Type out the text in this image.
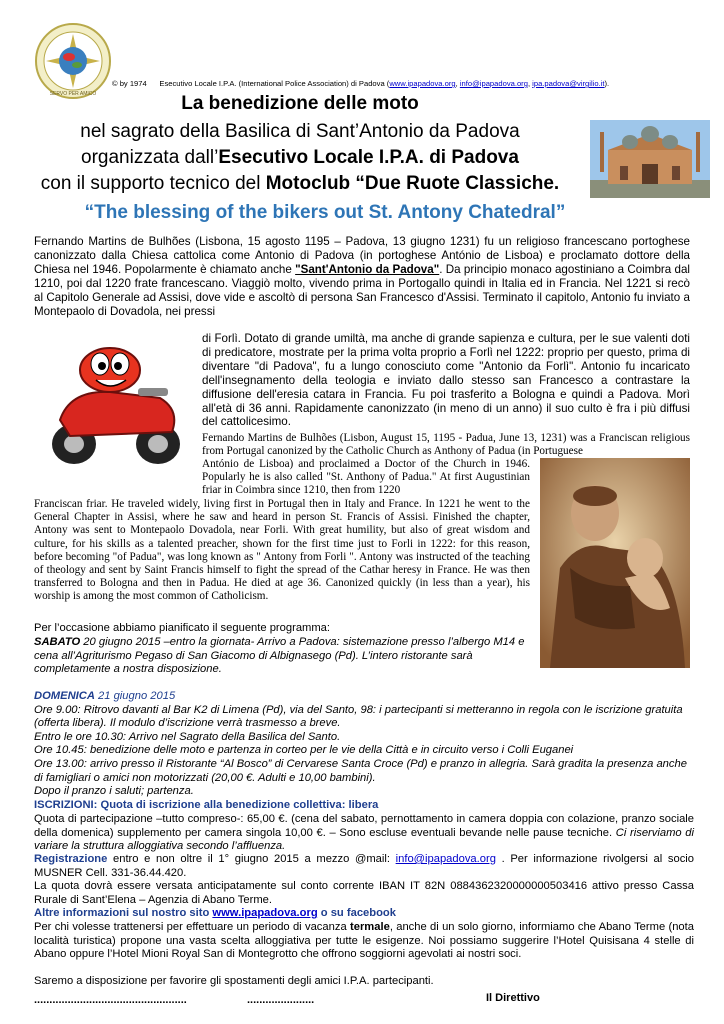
SERVO PER AMICO
© by 1974 Esecutivo Locale I.P.A. (International Police Association) di Padova (www.ipapadova.org, info@ipapadova.org, ipa.padova@virgilio.it).
La benedizione delle moto
nel sagrato della Basilica di Sant’Antonio da Padova
organizzata dall’Esecutivo Locale I.P.A. di Padova
con il supporto tecnico del Motoclub “Due Ruote Classiche.
“The blessing of the bikers out St. Antony Chatedral”
Fernando Martins de Bulhões (Lisbona, 15 agosto 1195 – Padova, 13 giugno 1231) fu un religioso francescano portoghese canonizzato dalla Chiesa cattolica come Antonio di Padova (in portoghese António de Lisboa) e proclamato dottore della Chiesa nel 1946. Popolarmente è chiamato anche "Sant'Antonio da Padova". Da principio monaco agostiniano a Coimbra dal 1210, poi dal 1220 frate francescano. Viaggiò molto, vivendo prima in Portogallo quindi in Italia ed in Francia. Nel 1221 si recò al Capitolo Generale ad Assisi, dove vide e ascoltò di persona San Francesco d'Assisi. Terminato il capitolo, Antonio fu inviato a Montepaolo di Dovadola, nei pressi
di Forlì. Dotato di grande umiltà, ma anche di grande sapienza e cultura, per le sue valenti doti di predicatore, mostrate per la prima volta proprio a Forlì nel 1222: proprio per questo, prima di diventare "di Padova", fu a lungo conosciuto come "Antonio da Forlì". Antonio fu incaricato dell'insegnamento della teologia e inviato dallo stesso san Francesco a contrastare la diffusione dell'eresia catara in Francia. Fu poi trasferito a Bologna e quindi a Padova. Morì all'età di 36 anni. Rapidamente canonizzato (in meno di un anno) il suo culto è fra i più diffusi del cattolicesimo.
Fernando Martins de Bulhões (Lisbon, August 15, 1195 - Padua, June 13, 1231) was a Franciscan religious from Portugal canonized by the Catholic Church as Anthony of Padua (in Portuguese
António de Lisboa) and proclaimed a Doctor of the Church in 1946. Popularly he is also called "St. Anthony of Padua." At first Augustinian friar in Coimbra since 1210, then from 1220
Franciscan friar. He traveled widely, living first in Portugal then in Italy and France. In 1221 he went to the General Chapter in Assisi, where he saw and heard in person St. Francis of Assisi. Finished the chapter, Antony was sent to Montepaolo Dovadola, near Forli. With great humility, but also of great wisdom and culture, for his skills as a talented preacher, shown for the first time just to Forli in 1222: for this reason, before becoming "of Padua", was long known as " Antony from Forli ". Antony was instructed of the teaching of theology and sent by Saint Francis himself to fight the spread of the Cathar heresy in France. He was then transferred to Bologna and then in Padua. He died at age 36. Canonized quickly (in less than a year), his worship is among the most common of Catholicism.
Per l’occasione abbiamo pianificato il seguente programma:
SABATO 20 giugno 2015 –entro la giornata- Arrivo a Padova: sistemazione presso l’albergo M14 e cena all’Agriturismo Pegaso di San Giacomo di Albignasego (Pd). L’intero ristorante sarà completamente a nostra disposizione.
DOMENICA 21 giugno 2015
Ore 9.00: Ritrovo davanti al Bar K2 di Limena (Pd), via del Santo, 98: i partecipanti si metteranno in regola con le iscrizione gratuita (offerta libera). Il modulo d’iscrizione verrà trasmesso a breve.
Entro le ore 10.30: Arrivo nel Sagrato della Basilica del Santo.
Ore 10.45: benedizione delle moto e partenza in corteo per le vie della Città e in circuito verso i Colli Euganei
Ore 13.00: arrivo presso il Ristorante “Al Bosco” di Cervarese Santa Croce (Pd) e pranzo in allegria. Sarà gradita la presenza anche di famigliari o amici non motorizzati (20,00 €. Adulti e 10,00 bambini).
Dopo il pranzo i saluti; partenza.
ISCRIZIONI: Quota di iscrizione alla benedizione collettiva: libera
Quota di partecipazione –tutto compreso-: 65,00 €. (cena del sabato, pernottamento in camera doppia con colazione, pranzo sociale della domenica) supplemento per camera singola 10,00 €. – Sono escluse eventuali bevande nelle pause tecniche. Ci riserviamo di variare la struttura alloggiativa secondo l’affluenza.
Registrazione entro e non oltre il 1° giugno 2015 a mezzo @mail: info@ipapadova.org . Per informazione rivolgersi al socio MUSNER Cell. 331-36.44.420.
La quota dovrà essere versata anticipatamente sul conto corrente IBAN IT 82N 0884362320000000503416 attivo presso Cassa Rurale di Sant’Elena – Agenzia di Abano Terme.
Altre informazioni sul nostro sito www.ipapadova.org o su facebook
Per chi volesse trattenersi per effettuare un periodo di vacanza termale, anche di un solo giorno, informiamo che Abano Terme (nota località turistica) propone una vasta scelta alloggiativa per tutte le esigenze. Noi possiamo suggerire l’Hotel Quisisana 4 stelle di Abano oppure l’Hotel Mioni Royal San di Montegrotto che offrono soggiorni agevolati ai nostri soci.
Saremo a disposizione per favorire gli spostamenti degli amici I.P.A. partecipanti.
..................................................	......................	Il Direttivo
